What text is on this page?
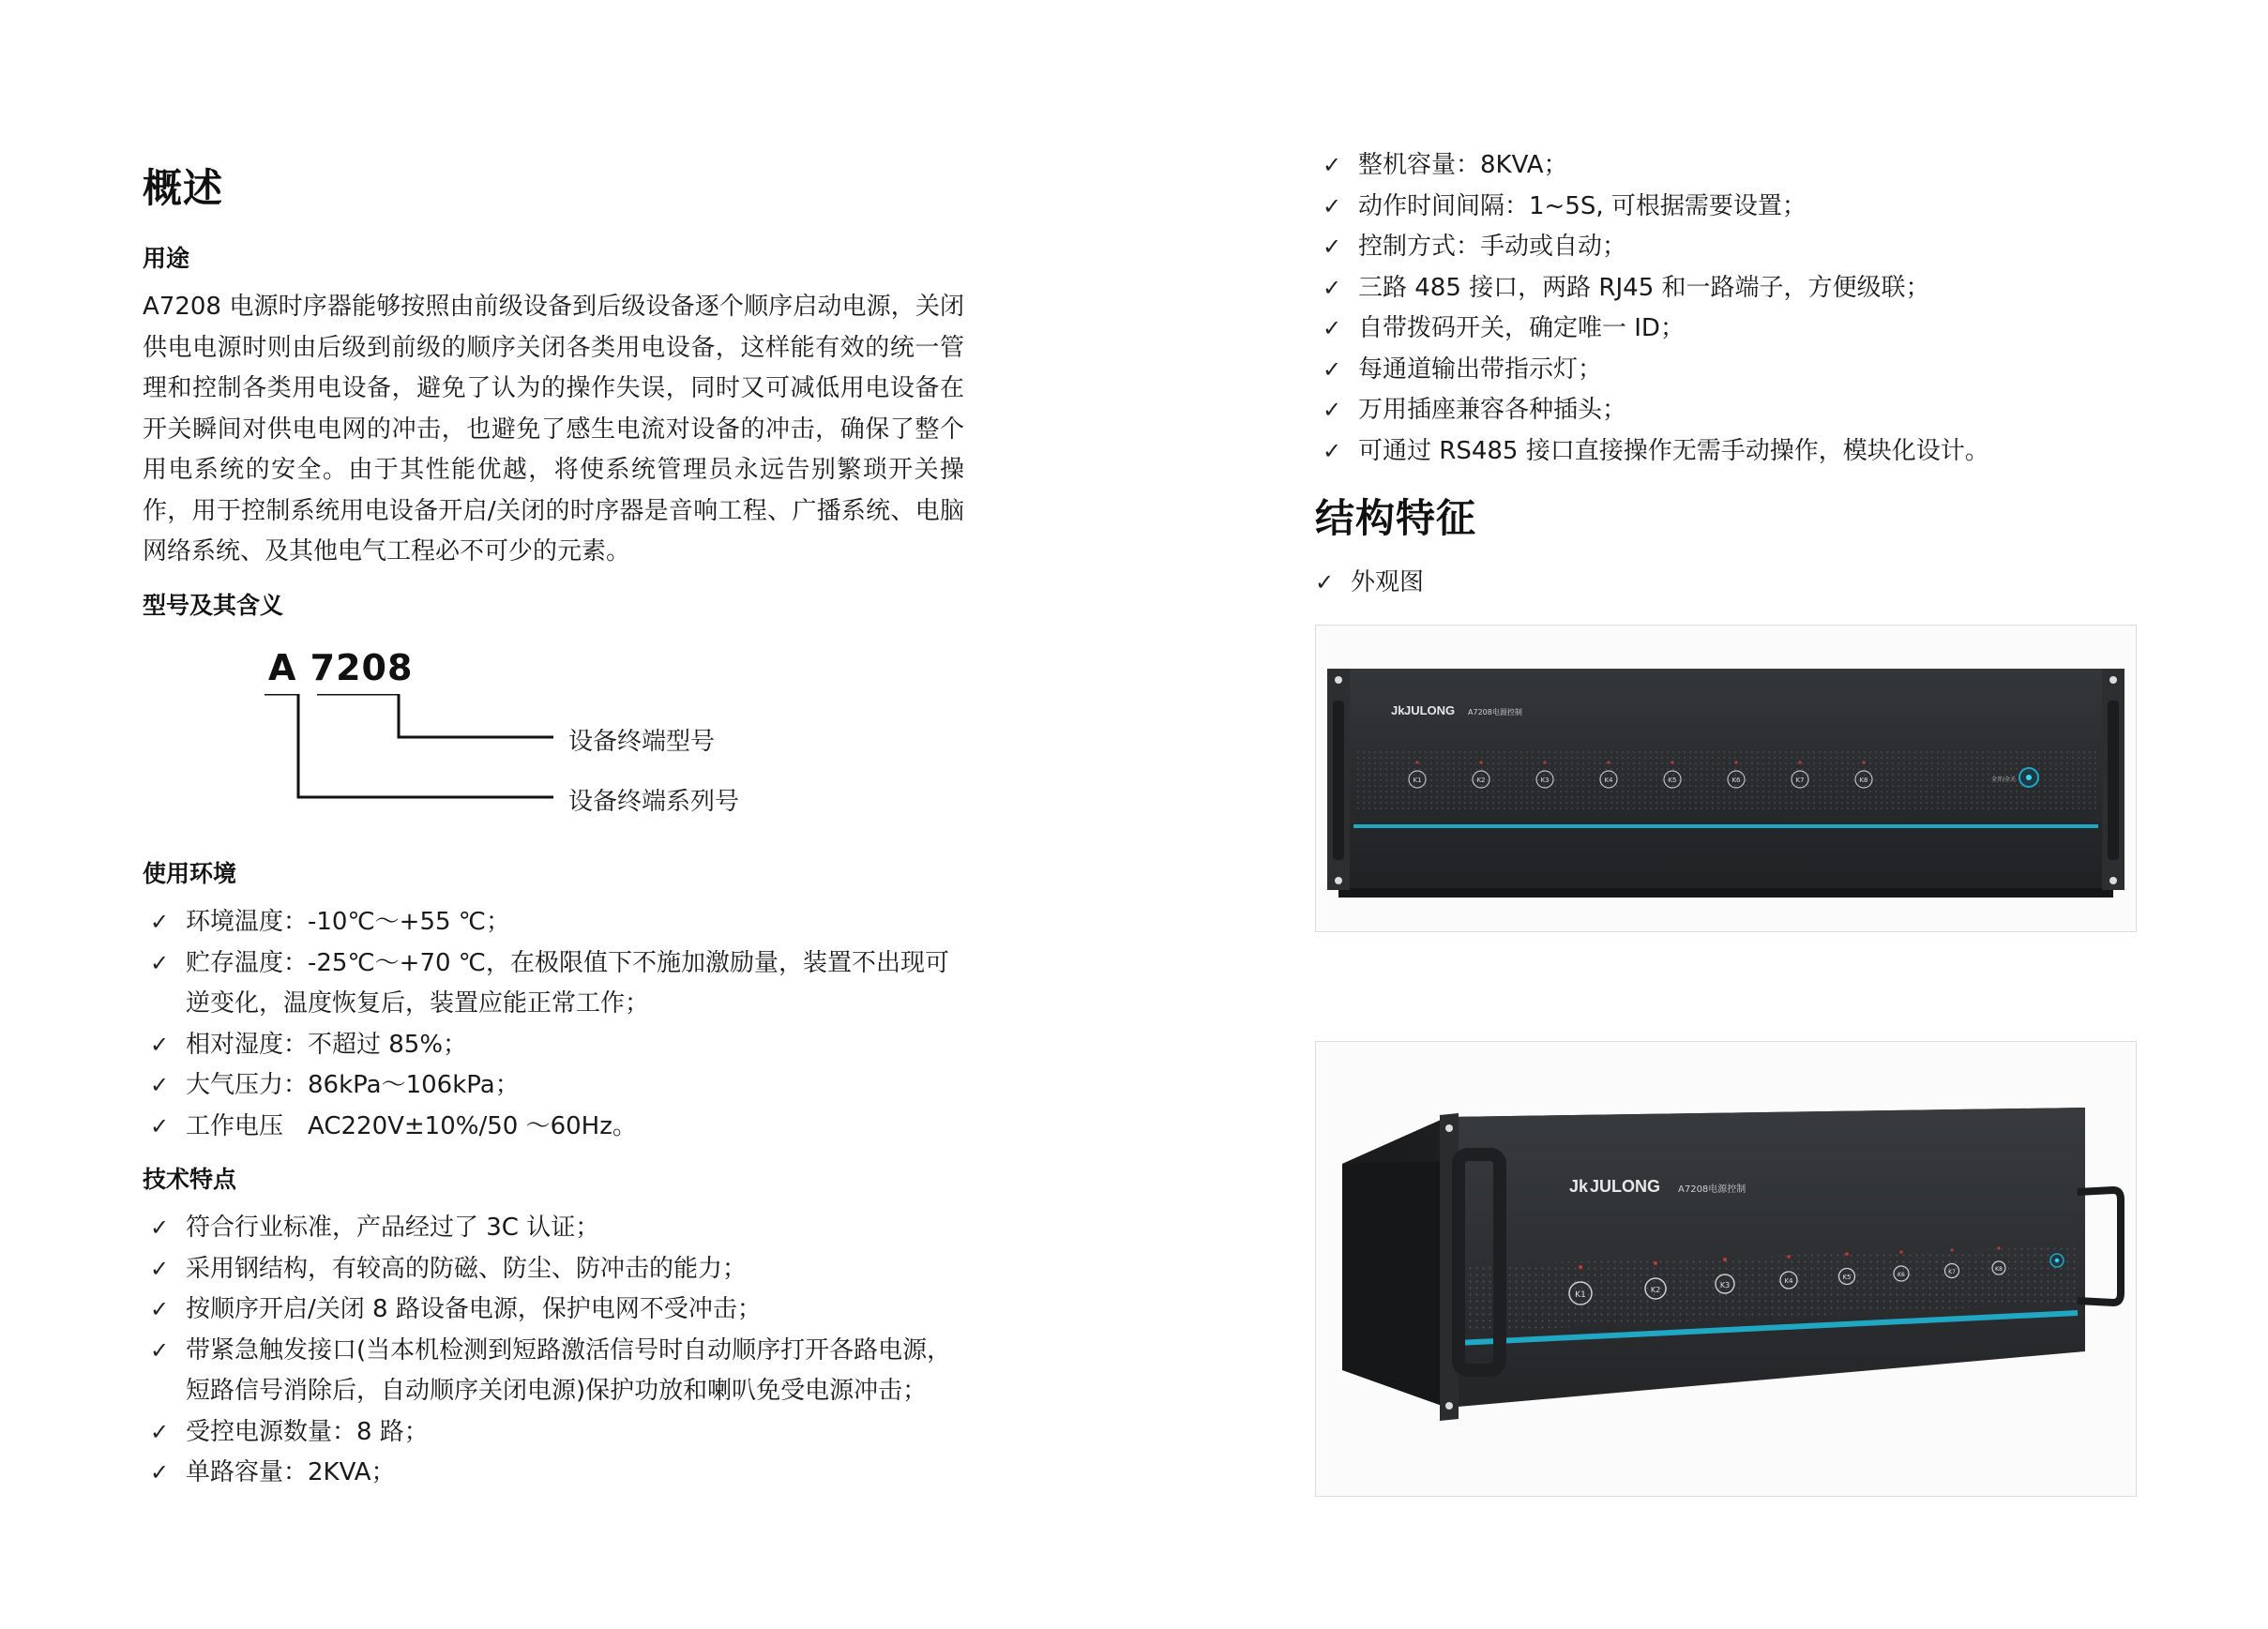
概述
用途

A7208 电源时序器能够按照由前级设备到后级设备逐个顺序启动电源，关闭供电电源时则由后级到前级的顺序关闭各类用电设备，这样能有效的统一管理和控制各类用电设备，避免了认为的操作失误，同时又可减低用电设备在开关瞬间对供电电网的冲击，也避免了感生电流对设备的冲击，确保了整个用电系统的安全。由于其性能优越，将使系统管理员永远告别繁琐开关操作，用于控制系统用电设备开启/关闭的时序器是音响工程、广播系统、电脑网络系统、及其他电气工程必不可少的元素。

型号及其含义
A 7208
设备终端型号
设备终端系列号
使用环境
✓ 环境温度：-10℃～+55 ℃；
✓ 贮存温度：-25℃～+70 ℃，在极限值下不施加激励量，装置不出现可逆变化，温度恢复后，装置应能正常工作；
✓ 相对湿度：不超过 85%；
✓ 大气压力：86kPa～106kPa；
✓ 工作电压　AC220V±10%/50 ～60Hz。
技术特点
✓ 符合行业标准，产品经过了 3C 认证；
✓ 采用钢结构，有较高的防磁、防尘、防冲击的能力；
✓ 按顺序开启/关闭 8 路设备电源，保护电网不受冲击；
✓ 带紧急触发接口(当本机检测到短路激活信号时自动顺序打开各路电源，短路信号消除后，自动顺序关闭电源)保护功放和喇叭免受电源冲击；
✓ 受控电源数量：8 路；
✓ 单路容量：2KVA；
✓ 整机容量：8KVA；
✓ 动作时间间隔：1~5S, 可根据需要设置；
✓ 控制方式：手动或自动；
✓ 三路 485 接口，两路 RJ45 和一路端子，方便级联；
✓ 自带拨码开关，确定唯一 ID；
✓ 每通道输出带指示灯；
✓ 万用插座兼容各种插头；
✓ 可通过 RS485 接口直接操作无需手动操作，模块化设计。
结构特征
✓ 外观图
JULONG
Jk	A7208电源控制
K1	K2	K3	K4	K5	K6	K7	K8	全开/全关
Jk JULONG A7208电源控制
K1
K2
K3	K4	K5	K6	K7	K8
